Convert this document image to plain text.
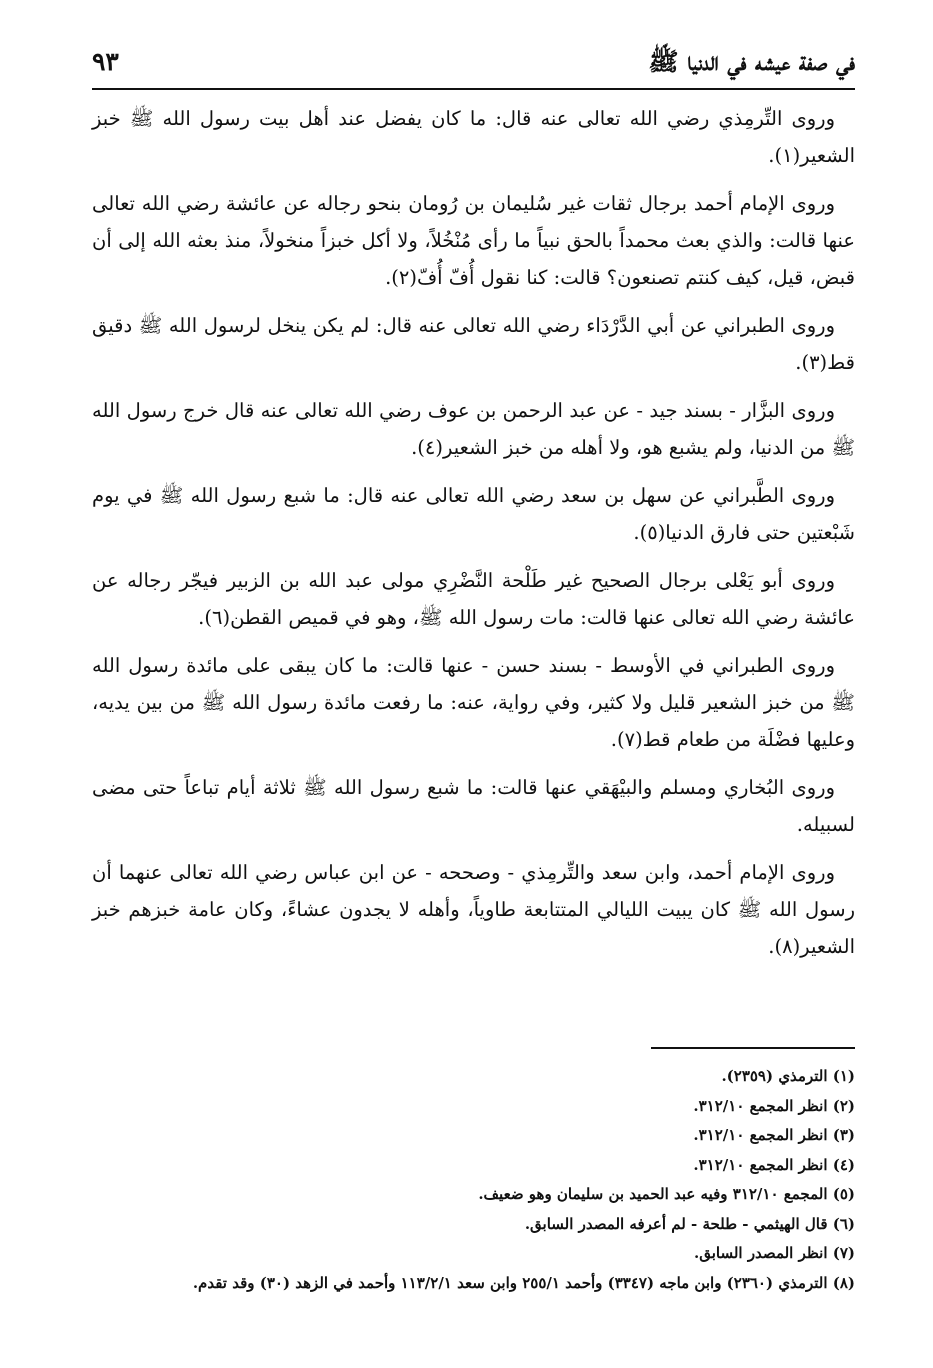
في صفة عيشه في الدنيا ﷺ
٩٣

وروى التِّرمِذي رضي الله تعالى عنه قال: ما كان يفضل عند أهل بيت رسول الله ﷺ خبز الشعير(١).

وروى الإمام أحمد برجال ثقات غير سُليمان بن رُومان بنحو رجاله عن عائشة رضي الله تعالى عنها قالت: والذي بعث محمداً بالحق نبياً ما رأى مُنْخُلاً، ولا أكل خبزاً منخولاً، منذ بعثه الله إلى أن قبض، قيل، كيف كنتم تصنعون؟ قالت: كنا نقول أُفّ أُفّ(٢).

وروى الطبراني عن أبي الدَّرْدَاء رضي الله تعالى عنه قال: لم يكن ينخل لرسول الله ﷺ دقيق قط(٣).

وروى البزَّار - بسند جيد - عن عبد الرحمن بن عوف رضي الله تعالى عنه قال خرج رسول الله ﷺ من الدنيا، ولم يشبع هو، ولا أهله من خبز الشعير(٤).

وروى الطَّبراني عن سهل بن سعد رضي الله تعالى عنه قال: ما شبع رسول الله ﷺ في يوم شَبْعتين حتى فارق الدنيا(٥).

وروى أبو يَعْلى برجال الصحيح غير طَلْحة النَّضْرِي مولى عبد الله بن الزبير فيجّر رجاله عن عائشة رضي الله تعالى عنها قالت: مات رسول الله ﷺ، وهو في قميص القطن(٦).

وروى الطبراني في الأوسط - بسند حسن - عنها قالت: ما كان يبقى على مائدة رسول الله ﷺ من خبز الشعير قليل ولا كثير، وفي رواية، عنه: ما رفعت مائدة رسول الله ﷺ من بين يديه، وعليها فضْلَة من طعام قط(٧).

وروى البُخاري ومسلم والبيْهَقي عنها قالت: ما شبع رسول الله ﷺ ثلاثة أيام تباعاً حتى مضى لسبيله.

وروى الإمام أحمد، وابن سعد والتِّرمِذي - وصححه - عن ابن عباس رضي الله تعالى عنهما أن رسول الله ﷺ كان يبيت الليالي المتتابعة طاوياً، وأهله لا يجدون عشاءً، وكان عامة خبزهم خبز الشعير(٨).

(١) الترمذي (٢٣٥٩).

(٢) انظر المجمع ٣١٢/١٠.

(٣) انظر المجمع ٣١٢/١٠.

(٤) انظر المجمع ٣١٢/١٠.

(٥) المجمع ٣١٢/١٠ وفيه عبد الحميد بن سليمان وهو ضعيف.

(٦) قال الهيثمي - طلحة - لم أعرفه المصدر السابق.

(٧) انظر المصدر السابق.

(٨) الترمذي (٢٣٦٠) وابن ماجه (٣٣٤٧) وأحمد ٢٥٥/١ وابن سعد ١١٣/٢/١ وأحمد في الزهد (٣٠) وقد تقدم.
